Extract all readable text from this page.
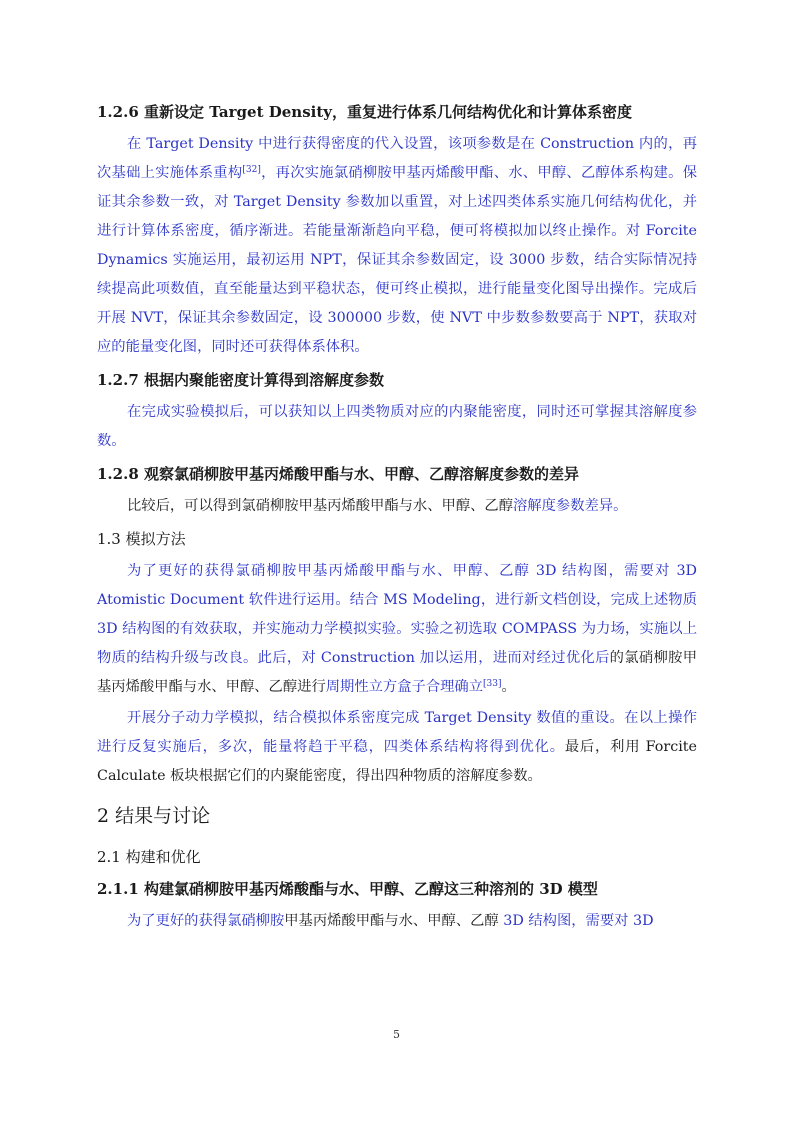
1.2.6 重新设定 Target Density，重复进行体系几何结构优化和计算体系密度

在 Target Density 中进行获得密度的代入设置，该项参数是在 Construction 内的，再次基础上实施体系重构[32]，再次实施氯硝柳胺甲基丙烯酸甲酯、水、甲醇、乙醇体系构建。保证其余参数一致，对 Target Density 参数加以重置，对上述四类体系实施几何结构优化，并进行计算体系密度，循序渐进。若能量渐渐趋向平稳，便可将模拟加以终止操作。对 Forcite Dynamics 实施运用，最初运用 NPT，保证其余参数固定，设 3000 步数，结合实际情况持续提高此项数值，直至能量达到平稳状态，便可终止模拟，进行能量变化图导出操作。完成后开展 NVT，保证其余参数固定，设 300000 步数，使 NVT 中步数参数要高于 NPT，获取对应的能量变化图，同时还可获得体系体积。

1.2.7 根据内聚能密度计算得到溶解度参数

在完成实验模拟后，可以获知以上四类物质对应的内聚能密度，同时还可掌握其溶解度参数。

1.2.8 观察氯硝柳胺甲基丙烯酸甲酯与水、甲醇、乙醇溶解度参数的差异

比较后，可以得到氯硝柳胺甲基丙烯酸甲酯与水、甲醇、乙醇溶解度参数差异。

1.3 模拟方法

为了更好的获得氯硝柳胺甲基丙烯酸甲酯与水、甲醇、乙醇 3D 结构图，需要对 3D Atomistic Document 软件进行运用。结合 MS Modeling，进行新文档创设，完成上述物质 3D 结构图的有效获取，并实施动力学模拟实验。实验之初选取 COMPASS 为力场，实施以上物质的结构升级与改良。此后，对 Construction 加以运用，进而对经过优化后的氯硝柳胺甲基丙烯酸甲酯与水、甲醇、乙醇进行周期性立方盒子合理确立[33]。

开展分子动力学模拟，结合模拟体系密度完成 Target Density 数值的重设。在以上操作进行反复实施后，多次，能量将趋于平稳，四类体系结构将得到优化。最后，利用 Forcite Calculate 板块根据它们的内聚能密度，得出四种物质的溶解度参数。

2 结果与讨论
2.1 构建和优化
2.1.1 构建氯硝柳胺甲基丙烯酸酯与水、甲醇、乙醇这三种溶剂的 3D 模型

为了更好的获得氯硝柳胺甲基丙烯酸甲酯与水、甲醇、乙醇 3D 结构图，需要对 3D

5
